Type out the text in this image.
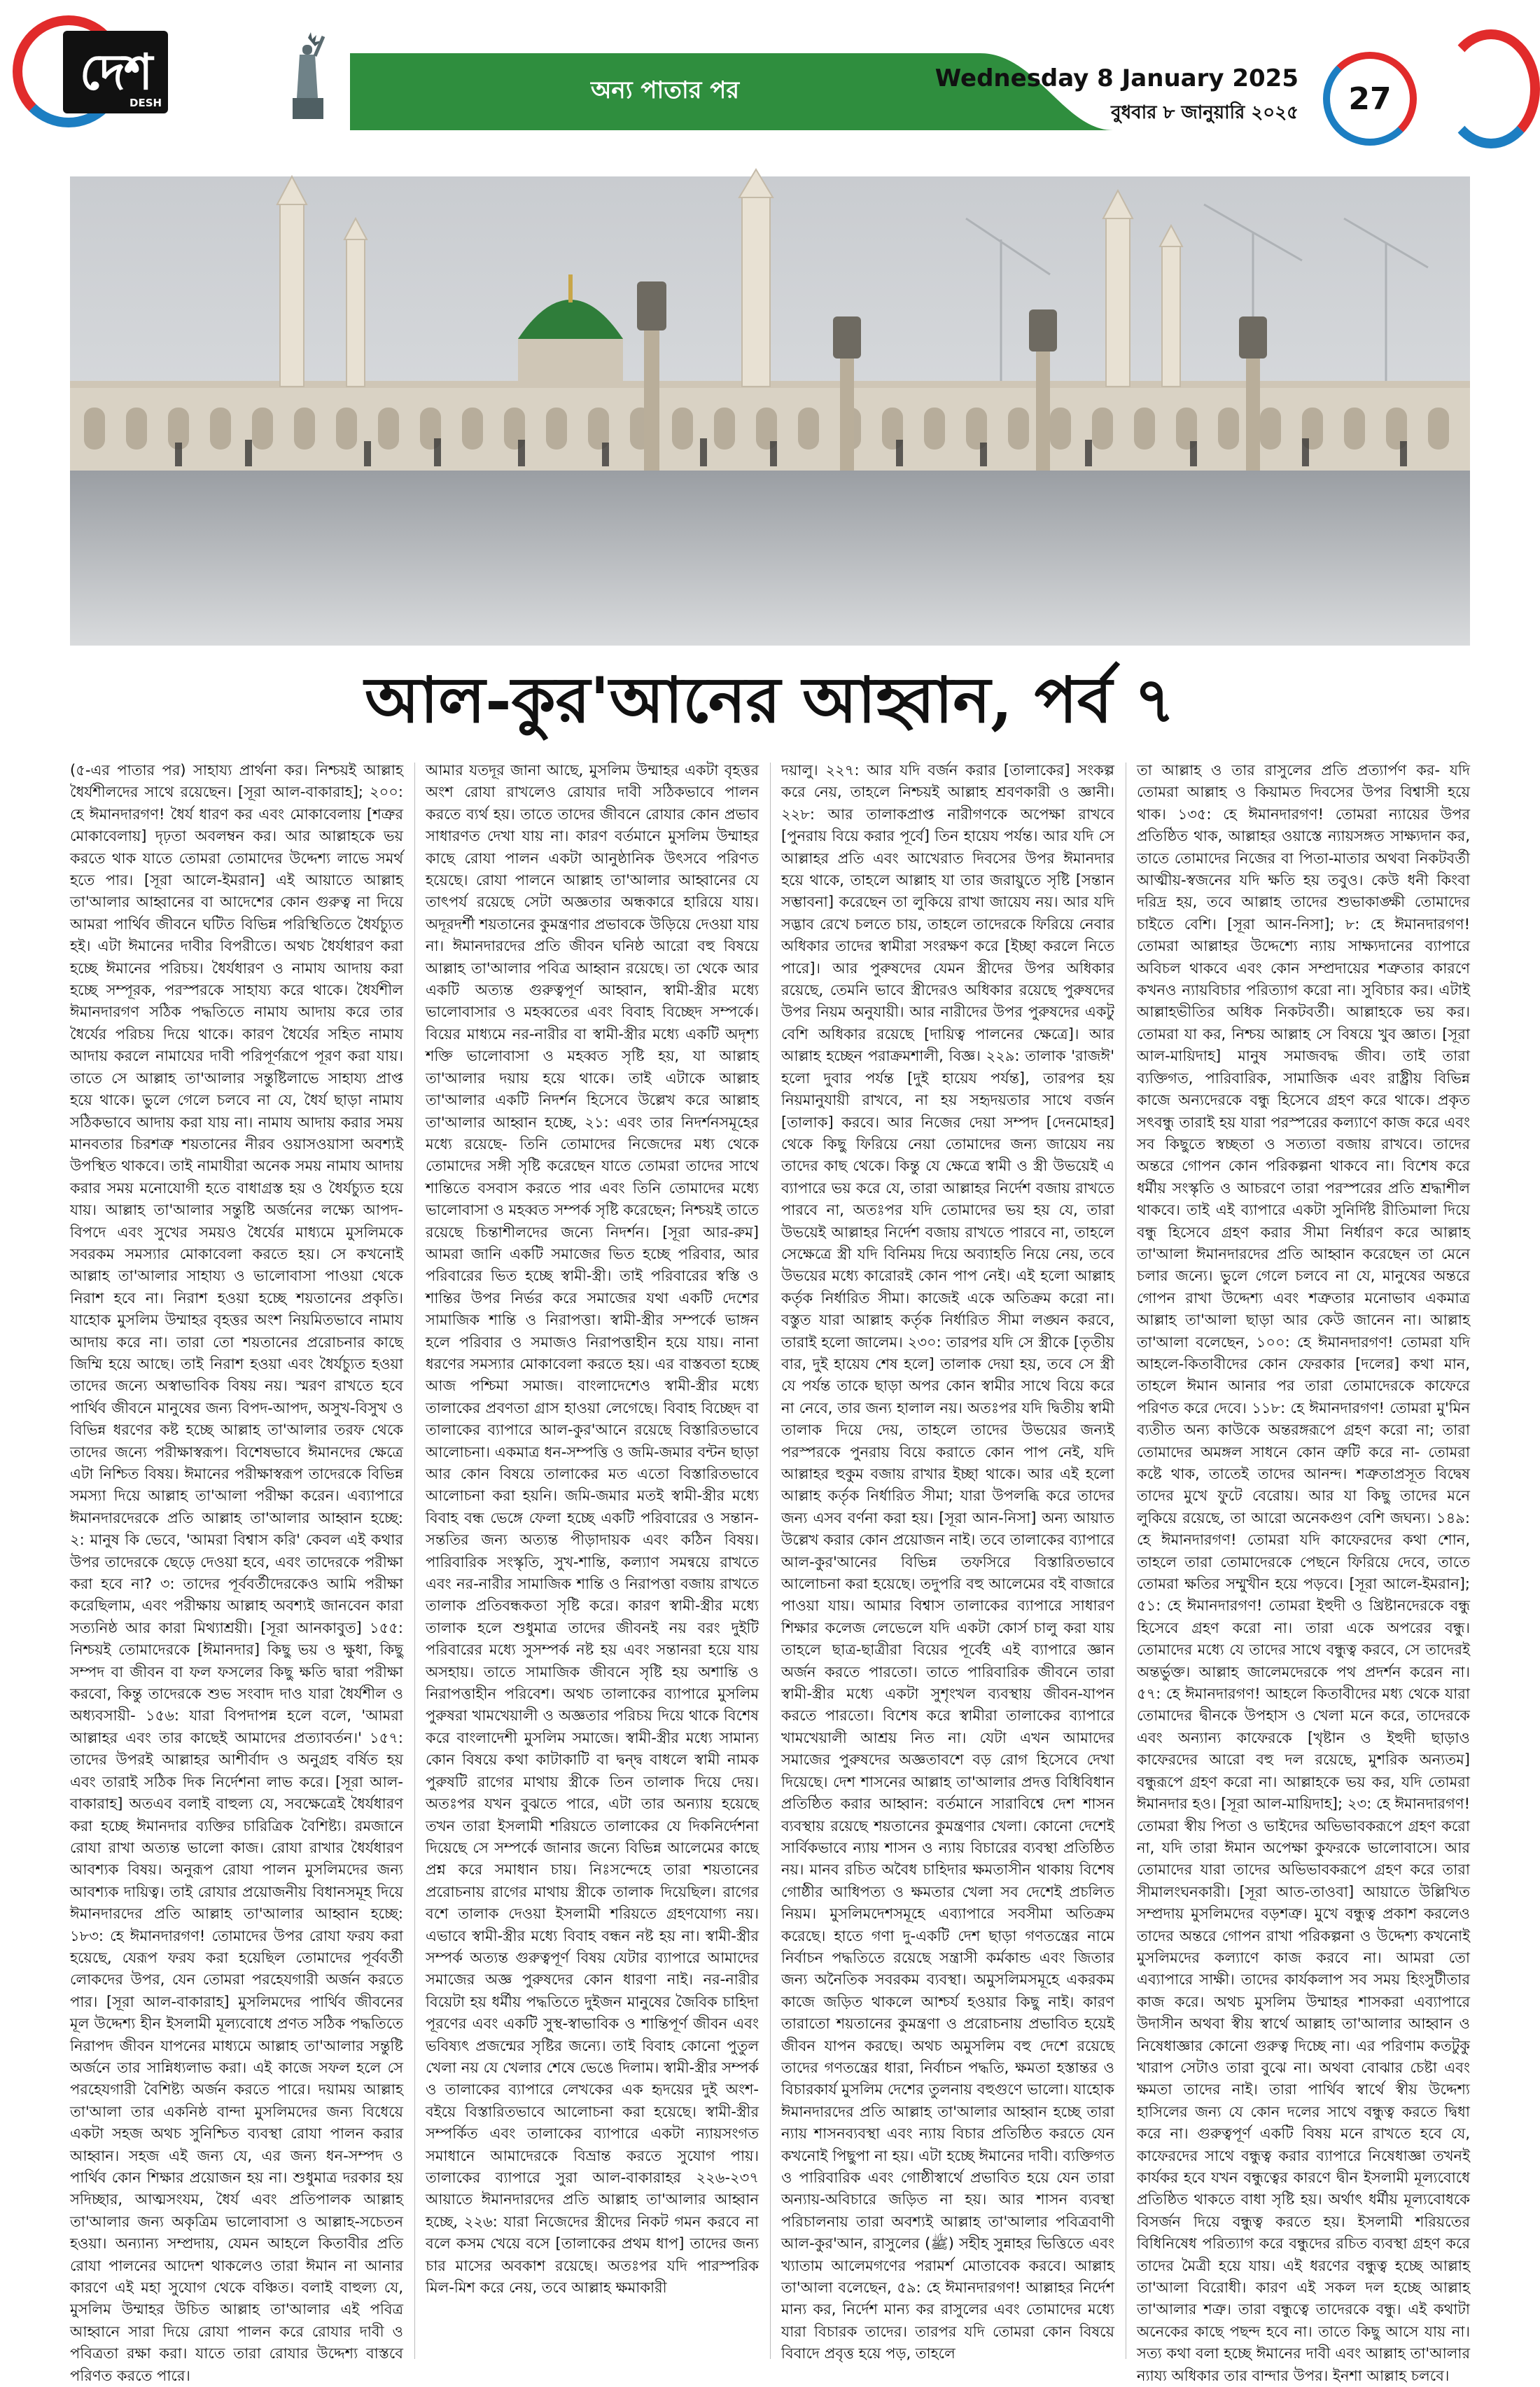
দেশ
DESH	অন্য পাতার পর	Wednesday 8 January 2025
বুধবার ৮ জানুয়ারি ২০২৫ 27
আল-কুর'আনের আহ্বান, পর্ব ৭

(৫-এর পাতার পর) সাহায্য প্রার্থনা কর। নিশ্চয়ই আল্লাহ ধৈর্যশীলদের সাথে রয়েছেন। [সূরা আল-বাকারাহ]; ২০০: হে ঈমানদারগণ! ধৈর্য ধারণ কর এবং মোকাবেলায় [শত্রুর মোকাবেলায়] দৃঢ়তা অবলম্বন কর। আর আল্লাহকে ভয় করতে থাক যাতে তোমরা তোমাদের উদ্দেশ্য লাভে সমর্থ হতে পার। [সূরা আলে-ইমরান] এই আয়াতে আল্লাহ তা'আলার আহ্বানের বা আদেশের কোন গুরুত্ব না দিয়ে আমরা পার্থিব জীবনে ঘটিত বিভিন্ন পরিস্থিতিতে ধৈর্যচ্যুত হই। এটা ঈমানের দাবীর বিপরীতে। অথচ ধৈর্যধারণ করা হচ্ছে ঈমানের পরিচয়। ধৈর্যধারণ ও নামায আদায় করা হচ্ছে সম্পূরক, পরস্পরকে সাহায্য করে থাকে। ধৈর্যশীল ঈমানদারগণ সঠিক পদ্ধতিতে নামায আদায় করে তার ধৈর্যের পরিচয় দিয়ে থাকে। কারণ ধৈর্যের সহিত নামায আদায় করলে নামাযের দাবী পরিপূর্ণরূপে পূরণ করা যায়। তাতে সে আল্লাহ তা'আলার সন্তুষ্টিলাভে সাহায্য প্রাপ্ত হয়ে থাকে। ভুলে গেলে চলবে না যে, ধৈর্য ছাড়া নামায সঠিকভাবে আদায় করা যায় না। নামায আদায় করার সময় মানবতার চিরশত্রু শয়তানের নীরব ওয়াসওয়াসা অবশ্যই উপস্থিত থাকবে। তাই নামাযীরা অনেক সময় নামায আদায় করার সময় মনোযোগী হতে বাধাগ্রস্ত হয় ও ধৈর্যচ্যুত হয়ে যায়। আল্লাহ তা'আলার সন্তুষ্টি অর্জনের লক্ষ্যে আপদ-বিপদে এবং সুখের সময়ও ধৈর্যের মাধ্যমে মুসলিমকে সবরকম সমস্যার মোকাবেলা করতে হয়। সে কখনোই আল্লাহ তা'আলার সাহায্য ও ভালোবাসা পাওয়া থেকে নিরাশ হবে না। নিরাশ হওয়া হচ্ছে শয়তানের প্রকৃতি। যাহোক মুসলিম উম্মাহর বৃহত্তর অংশ নিয়মিতভাবে নামায আদায় করে না। তারা তো শয়তানের প্ররোচনার কাছে জিম্মি হয়ে আছে। তাই নিরাশ হওয়া এবং ধৈর্যচ্যুত হওয়া তাদের জন্যে অস্বাভাবিক বিষয় নয়। স্মরণ রাখতে হবে পার্থিব জীবনে মানুষের জন্য বিপদ-আপদ, অসুখ-বিসুখ ও বিভিন্ন ধরণের কষ্ট হচ্ছে আল্লাহ তা'আলার তরফ থেকে তাদের জন্যে পরীক্ষাস্বরূপ। বিশেষভাবে ঈমানদের ক্ষেত্রে এটা নিশ্চিত বিষয়। ঈমানের পরীক্ষাস্বরূপ তাদেরকে বিভিন্ন সমস্যা দিয়ে আল্লাহ তা'আলা পরীক্ষা করেন। এব্যাপারে ঈমানদারদেরকে প্রতি আল্লাহ তা'আলার আহ্বান হচ্ছে: ২: মানুষ কি ভেবে, 'আমরা বিশ্বাস করি' কেবল এই কথার উপর তাদেরকে ছেড়ে দেওয়া হবে, এবং তাদেরকে পরীক্ষা করা হবে না? ৩: তাদের পূর্ববর্তীদেরকেও আমি পরীক্ষা করেছিলাম, এবং পরীক্ষায় আল্লাহ অবশ্যই জানবেন কারা সত্যনিষ্ঠ আর কারা মিথ্যাশ্রয়ী। [সূরা আনকাবুত] ১৫৫: নিশ্চয়ই তোমাদেরকে [ঈমানদার] কিছু ভয় ও ক্ষুধা, কিছু সম্পদ বা জীবন বা ফল ফসলের কিছু ক্ষতি দ্বারা পরীক্ষা করবো, কিন্তু তাদেরকে শুভ সংবাদ দাও যারা ধৈর্যশীল ও অধ্যবসায়ী- ১৫৬: যারা বিপদাপন্ন হলে বলে, 'আমরা আল্লাহর এবং তার কাছেই আমাদের প্রত্যাবর্তন।' ১৫৭: তাদের উপরই আল্লাহর আশীর্বাদ ও অনুগ্রহ বর্ষিত হয় এবং তারাই সঠিক দিক নির্দেশনা লাভ করে। [সূরা আল-বাকারাহ] অতএব বলাই বাহুল্য যে, সবক্ষেত্রেই ধৈর্যধারণ করা হচ্ছে ঈমানদার ব্যক্তির চারিত্রিক বৈশিষ্ট্য। রমজানে রোযা রাখা অত্যন্ত ভালো কাজ। রোযা রাখার ধৈর্যধারণ আবশ্যক বিষয়। অনুরূপ রোযা পালন মুসলিমদের জন্য আবশ্যক দায়িত্ব। তাই রোযার প্রয়োজনীয় বিধানসমূহ দিয়ে ঈমানদারদের প্রতি আল্লাহ তা'আলার আহ্বান হচ্ছে: ১৮৩: হে ঈমানদারগণ! তোমাদের উপর রোযা ফরয করা হয়েছে, যেরূপ ফরয করা হয়েছিল তোমাদের পূর্ববর্তী লোকদের উপর, যেন তোমরা পরহেযগারী অর্জন করতে পার। [সূরা আল-বাকারাহ] মুসলিমদের পার্থিব জীবনের মূল উদ্দেশ্য হীন ইসলামী মূল্যবোধে প্রণত সঠিক পদ্ধতিতে নিরাপদ জীবন যাপনের মাধ্যমে আল্লাহ তা'আলার সন্তুষ্টি অর্জনে তার সান্নিধ্যলাভ করা। এই কাজে সফল হলে সে পরহেযগারী বৈশিষ্ট্য অর্জন করতে পারে। দয়াময় আল্লাহ তা'আলা তার একনিষ্ঠ বান্দা মুসলিমদের জন্য বিধেয়ে একটা সহজ অথচ সুনিশ্চিত ব্যবস্থা রোযা পালন করার আহ্বান। সহজ এই জন্য যে, এর জন্য ধন-সম্পদ ও পার্থিব কোন শিক্ষার প্রয়োজন হয় না। শুধুমাত্র দরকার হয় সদিচ্ছার, আত্মসংযম, ধৈর্য এবং প্রতিপালক আল্লাহ তা'আলার জন্য অকৃত্রিম ভালোবাসা ও আল্লাহ-সচেতন হওয়া। অন্যান্য সম্প্রদায়, যেমন আহলে কিতাবীর প্রতি রোযা পালনের আদেশ থাকলেও তারা ঈমান না আনার কারণে এই মহা সুযোগ থেকে বঞ্চিত। বলাই বাহুল্য যে, মুসলিম উম্মাহর উচিত আল্লাহ তা'আলার এই পবিত্র আহ্বানে সারা দিয়ে রোযা পালন করে রোযার দাবী ও পবিত্রতা রক্ষা করা। যাতে তারা রোযার উদ্দেশ্য বাস্তবে পরিণত করতে পারে।

আমার যতদূর জানা আছে, মুসলিম উম্মাহর একটা বৃহত্তর অংশ রোযা রাখলেও রোযার দাবী সঠিকভাবে পালন করতে ব্যর্থ হয়। তাতে তাদের জীবনে রোযার কোন প্রভাব সাধারণত দেখা যায় না। কারণ বর্তমানে মুসলিম উম্মাহর কাছে রোযা পালন একটা আনুষ্ঠানিক উৎসবে পরিণত হয়েছে। রোযা পালনে আল্লাহ তা'আলার আহ্বানের যে তাৎপর্য রয়েছে সেটা অজ্ঞতার অন্ধকারে হারিয়ে যায়। অদূরদর্শী শয়তানের কুমন্ত্রণার প্রভাবকে উড়িয়ে দেওয়া যায় না। ঈমানদারদের প্রতি জীবন ঘনিষ্ঠ আরো বহু বিষয়ে আল্লাহ তা'আলার পবিত্র আহ্বান রয়েছে। তা থেকে আর একটি অত্যন্ত গুরুত্বপূর্ণ আহ্বান, স্বামী-স্ত্রীর মধ্যে ভালোবাসার ও মহব্বতের এবং বিবাহ বিচ্ছেদ সম্পর্কে। বিয়ের মাধ্যমে নর-নারীর বা স্বামী-স্ত্রীর মধ্যে একটি অদৃশ্য শক্তি ভালোবাসা ও মহব্বত সৃষ্টি হয়, যা আল্লাহ তা'আলার দয়ায় হয়ে থাকে। তাই এটাকে আল্লাহ তা'আলার একটি নিদর্শন হিসেবে উল্লেখ করে আল্লাহ তা'আলার আহ্বান হচ্ছে, ২১: এবং তার নিদর্শনসমূহের মধ্যে রয়েছে- তিনি তোমাদের নিজেদের মধ্য থেকে তোমাদের সঙ্গী সৃষ্টি করেছেন যাতে তোমরা তাদের সাথে শান্তিতে বসবাস করতে পার এবং তিনি তোমাদের মধ্যে ভালোবাসা ও মহব্বত সম্পর্ক সৃষ্টি করেছেন; নিশ্চয়ই তাতে রয়েছে চিন্তাশীলদের জন্যে নিদর্শন। [সূরা আর-রুম] আমরা জানি একটি সমাজের ভিত হচ্ছে পরিবার, আর পরিবারের ভিত হচ্ছে স্বামী-স্ত্রী। তাই পরিবারের স্বস্তি ও শান্তির উপর নির্ভর করে সমাজের যথা একটি দেশের সামাজিক শান্তি ও নিরাপত্তা। স্বামী-স্ত্রীর সম্পর্কে ভাঙ্গন হলে পরিবার ও সমাজও নিরাপত্তাহীন হয়ে যায়। নানা ধরণের সমস্যার মোকাবেলা করতে হয়। এর বাস্তবতা হচ্ছে আজ পশ্চিমা সমাজ। বাংলাদেশেও স্বামী-স্ত্রীর মধ্যে তালাকের প্রবণতা গ্রাস হাওয়া লেগেছে। বিবাহ বিচ্ছেদ বা তালাকের ব্যাপারে আল-কুর'আনে রয়েছে বিস্তারিতভাবে আলোচনা। একমাত্র ধন-সম্পত্তি ও জমি-জমার বন্টন ছাড়া আর কোন বিষয়ে তালাকের মত এতো বিস্তারিতভাবে আলোচনা করা হয়নি। জমি-জমার মতই স্বামী-স্ত্রীর মধ্যে বিবাহ বন্ধ ভেঙ্গে ফেলা হচ্ছে একটি পরিবারের ও সন্তান-সন্ততির জন্য অত্যন্ত পীড়াদায়ক এবং কঠিন বিষয়। পারিবারিক সংস্কৃতি, সুখ-শান্তি, কল্যাণ সমন্বয়ে রাখতে এবং নর-নারীর সামাজিক শান্তি ও নিরাপত্তা বজায় রাখতে তালাক প্রতিবন্ধকতা সৃষ্টি করে। কারণ স্বামী-স্ত্রীর মধ্যে তালাক হলে শুধুমাত্র তাদের জীবনই নয় বরং দুইটি পরিবারের মধ্যে সুসম্পর্ক নষ্ট হয় এবং সন্তানরা হয়ে যায় অসহায়। তাতে সামাজিক জীবনে সৃষ্টি হয় অশান্তি ও নিরাপত্তাহীন পরিবেশ। অথচ তালাকের ব্যাপারে মুসলিম পুরুষরা খামখেয়ালী ও অজ্ঞতার পরিচয় দিয়ে থাকে বিশেষ করে বাংলাদেশী মুসলিম সমাজে। স্বামী-স্ত্রীর মধ্যে সামান্য কোন বিষয়ে কথা কাটাকাটি বা দ্বন্দ্ব বাধলে স্বামী নামক পুরুষটি রাগের মাথায় স্ত্রীকে তিন তালাক দিয়ে দেয়। অতঃপর যখন বুঝতে পারে, এটা তার অন্যায় হয়েছে তখন তারা ইসলামী শরিয়তে তালাকের যে দিকনির্দেশনা দিয়েছে সে সম্পর্কে জানার জন্যে বিভিন্ন আলেমের কাছে প্রশ্ন করে সমাধান চায়। নিঃসন্দেহে তারা শয়তানের প্ররোচনায় রাগের মাথায় স্ত্রীকে তালাক দিয়েছিল। রাগের বশে তালাক দেওয়া ইসলামী শরিয়তে গ্রহণযোগ্য নয়। এভাবে স্বামী-স্ত্রীর মধ্যে বিবাহ বন্ধন নষ্ট হয় না। স্বামী-স্ত্রীর সম্পর্ক অত্যন্ত গুরুত্বপূর্ণ বিষয় যেটার ব্যাপারে আমাদের সমাজের অজ্ঞ পুরুষদের কোন ধারণা নাই। নর-নারীর বিয়েটা হয় ধর্মীয় পদ্ধতিতে দুইজন মানুষের জৈবিক চাহিদা পূরণের এবং একটি সুস্থ-স্বাভাবিক ও শান্তিপূর্ণ জীবন এবং ভবিষ্যৎ প্রজন্মের সৃষ্টির জন্যে। তাই বিবাহ কোনো পুতুল খেলা নয় যে খেলার শেষে ভেঙে দিলাম। স্বামী-স্ত্রীর সম্পর্ক ও তালাকের ব্যাপারে লেখকের এক হৃদয়ের দুই অংশ- বইয়ে বিস্তারিতভাবে আলোচনা করা হয়েছে। স্বামী-স্ত্রীর সম্পর্কিত এবং তালাকের ব্যাপারে একটা ন্যায়সংগত সমাধানে আমাদেরকে বিভ্রান্ত করতে সুযোগ পায়। তালাকের ব্যাপারে সুরা আল-বাকারাহর ২২৬-২৩৭ আয়াতে ঈমানদারদের প্রতি আল্লাহ তা'আলার আহ্বান হচ্ছে, ২২৬: যারা নিজেদের স্ত্রীদের নিকট গমন করবে না বলে কসম খেয়ে বসে [তালাকের প্রথম ধাপ] তাদের জন্য চার মাসের অবকাশ রয়েছে। অতঃপর যদি পারস্পরিক মিল-মিশ করে নেয়, তবে আল্লাহ ক্ষমাকারী

দয়ালু। ২২৭: আর যদি বর্জন করার [তালাকের] সংকল্প করে নেয়, তাহলে নিশ্চয়ই আল্লাহ শ্রবণকারী ও জ্ঞানী। ২২৮: আর তালাকপ্রাপ্ত নারীগণকে অপেক্ষা রাখবে [পুনরায় বিয়ে করার পূর্বে] তিন হায়েয পর্যন্ত। আর যদি সে আল্লাহর প্রতি এবং আখেরাত দিবসের উপর ঈমানদার হয়ে থাকে, তাহলে আল্লাহ যা তার জরায়ুতে সৃষ্টি [সন্তান সম্ভাবনা] করেছেন তা লুকিয়ে রাখা জায়েয নয়। আর যদি সদ্ভাব রেখে চলতে চায়, তাহলে তাদেরকে ফিরিয়ে নেবার অধিকার তাদের স্বামীরা সংরক্ষণ করে [ইচ্ছা করলে নিতে পারে]। আর পুরুষদের যেমন স্ত্রীদের উপর অধিকার রয়েছে, তেমনি ভাবে স্ত্রীদেরও অধিকার রয়েছে পুরুষদের উপর নিয়ম অনুযায়ী। আর নারীদের উপর পুরুষদের একটু বেশি অধিকার রয়েছে [দায়িত্ব পালনের ক্ষেত্রে]। আর আল্লাহ হচ্ছেন পরাক্রমশালী, বিজ্ঞ। ২২৯: তালাক 'রাজঈ' হলো দুবার পর্যন্ত [দুই হায়েয পর্যন্ত], তারপর হয় নিয়মানুযায়ী রাখবে, না হয় সহৃদয়তার সাথে বর্জন [তালাক] করবে। আর নিজের দেয়া সম্পদ [দেনমোহর] থেকে কিছু ফিরিয়ে নেয়া তোমাদের জন্য জায়েয নয় তাদের কাছ থেকে। কিন্তু যে ক্ষেত্রে স্বামী ও স্ত্রী উভয়েই এ ব্যাপারে ভয় করে যে, তারা আল্লাহর নির্দেশ বজায় রাখতে পারবে না, অতঃপর যদি তোমাদের ভয় হয় যে, তারা উভয়েই আল্লাহর নির্দেশ বজায় রাখতে পারবে না, তাহলে সেক্ষেত্রে স্ত্রী যদি বিনিময় দিয়ে অব্যাহতি নিয়ে নেয়, তবে উভয়ের মধ্যে কারোরই কোন পাপ নেই। এই হলো আল্লাহ কর্তৃক নির্ধারিত সীমা। কাজেই একে অতিক্রম করো না। বস্তুত যারা আল্লাহ কর্তৃক নির্ধারিত সীমা লঙ্ঘন করবে, তারাই হলো জালেম। ২৩০: তারপর যদি সে স্ত্রীকে [তৃতীয় বার, দুই হায়েয শেষ হলে] তালাক দেয়া হয়, তবে সে স্ত্রী যে পর্যন্ত তাকে ছাড়া অপর কোন স্বামীর সাথে বিয়ে করে না নেবে, তার জন্য হালাল নয়। অতঃপর যদি দ্বিতীয় স্বামী তালাক দিয়ে দেয়, তাহলে তাদের উভয়ের জন্যই পরস্পরকে পুনরায় বিয়ে করাতে কোন পাপ নেই, যদি আল্লাহর হুকুম বজায় রাখার ইচ্ছা থাকে। আর এই হলো আল্লাহ কর্তৃক নির্ধারিত সীমা; যারা উপলব্ধি করে তাদের জন্য এসব বর্ণনা করা হয়। [সূরা আন-নিসা] অন্য আয়াত উল্লেখ করার কোন প্রয়োজন নাই। তবে তালাকের ব্যাপারে আল-কুর'আনের বিভিন্ন তফসিরে বিস্তারিতভাবে আলোচনা করা হয়েছে। তদুপরি বহু আলেমের বই বাজারে পাওয়া যায়। আমার বিশ্বাস তালাকের ব্যাপারে সাধারণ শিক্ষার কলেজ লেভেলে যদি একটা কোর্স চালু করা যায় তাহলে ছাত্র-ছাত্রীরা বিয়ের পূর্বেই এই ব্যাপারে জ্ঞান অর্জন করতে পারতো। তাতে পারিবারিক জীবনে তারা স্বামী-স্ত্রীর মধ্যে একটা সুশৃংখল ব্যবস্থায় জীবন-যাপন করতে পারতো। বিশেষ করে স্বামীরা তালাকের ব্যাপারে খামখেয়ালী আশ্রয় নিত না। যেটা এখন আমাদের সমাজের পুরুষদের অজ্ঞতাবশে বড় রোগ হিসেবে দেখা দিয়েছে। দেশ শাসনের আল্লাহ তা'আলার প্রদত্ত বিধিবিধান প্রতিষ্ঠিত করার আহ্বান: বর্তমানে সারাবিশ্বে দেশ শাসন ব্যবস্থায় রয়েছে শয়তানের কুমন্ত্রণার খেলা। কোনো দেশেই সার্বিকভাবে ন্যায় শাসন ও ন্যায় বিচারের ব্যবস্থা প্রতিষ্ঠিত নয়। মানব রচিত অবৈধ চাহিদার ক্ষমতাসীন থাকায় বিশেষ গোষ্ঠীর আধিপত্য ও ক্ষমতার খেলা সব দেশেই প্রচলিত নিয়ম। মুসলিমদেশসমূহে এব্যাপারে সবসীমা অতিক্রম করেছে। হাতে গণা দু-একটি দেশ ছাড়া গণতন্ত্রের নামে নির্বাচন পদ্ধতিতে রয়েছে সন্ত্রাসী কর্মকান্ড এবং জিতার জন্য অনৈতিক সবরকম ব্যবস্থা। অমুসলিমসমূহে একরকম কাজে জড়িত থাকলে আশ্চর্য হওয়ার কিছু নাই। কারণ তারাতো শয়তানের কুমন্ত্রণা ও প্ররোচনায় প্রভাবিত হয়েই জীবন যাপন করছে। অথচ অমুসলিম বহু দেশে রয়েছে তাদের গণতন্ত্রের ধারা, নির্বাচন পদ্ধতি, ক্ষমতা হস্তান্তর ও বিচারকার্য মুসলিম দেশের তুলনায় বহুগুণে ভালো। যাহোক ঈমানদারদের প্রতি আল্লাহ তা'আলার আহ্বান হচ্ছে তারা ন্যায় শাসনব্যবস্থা এবং ন্যায় বিচার প্রতিষ্ঠিত করতে যেন কখনোই পিছুপা না হয়। এটা হচ্ছে ঈমানের দাবী। ব্যক্তিগত ও পারিবারিক এবং গোষ্ঠীস্বার্থে প্রভাবিত হয়ে যেন তারা অন্যায়-অবিচারে জড়িত না হয়। আর শাসন ব্যবস্থা পরিচালনায় তারা অবশ্যই আল্লাহ তা'আলার পবিত্রবাণী আল-কুর'আন, রাসুলের (ﷺ) সহীহ সুন্নাহর ভিত্তিতে এবং খ্যাতাম আলেমগণের পরামর্শ মোতাবেক করবে। আল্লাহ তা'আলা বলেছেন, ৫৯: হে ঈমানদারগণ! আল্লাহর নির্দেশ মান্য কর, নির্দেশ মান্য কর রাসুলের এবং তোমাদের মধ্যে যারা বিচারক তাদের। তারপর যদি তোমরা কোন বিষয়ে বিবাদে প্রবৃত্ত হয়ে পড়, তাহলে

তা আল্লাহ ও তার রাসুলের প্রতি প্রত্যার্পণ কর- যদি তোমরা আল্লাহ ও কিয়ামত দিবসের উপর বিশ্বাসী হয়ে থাক। ১৩৫: হে ঈমানদারগণ! তোমরা ন্যায়ের উপর প্রতিষ্ঠিত থাক, আল্লাহর ওয়াস্তে ন্যায়সঙ্গত সাক্ষ্যদান কর, তাতে তোমাদের নিজের বা পিতা-মাতার অথবা নিকটবর্তী আত্মীয়-স্বজনের যদি ক্ষতি হয় তবুও। কেউ ধনী কিংবা দরিদ্র হয়, তবে আল্লাহ তাদের শুভাকাঙ্ক্ষী তোমাদের চাইতে বেশি। [সূরা আন-নিসা]; ৮: হে ঈমানদারগণ! তোমরা আল্লাহর উদ্দেশ্যে ন্যায় সাক্ষ্যদানের ব্যাপারে অবিচল থাকবে এবং কোন সম্প্রদায়ের শত্রুতার কারণে কখনও ন্যায়বিচার পরিত্যাগ করো না। সুবিচার কর। এটাই আল্লাহভীতির অধিক নিকটবর্তী। আল্লাহকে ভয় কর। তোমরা যা কর, নিশ্চয় আল্লাহ সে বিষয়ে খুব জ্ঞাত। [সূরা আল-মায়িদাহ] মানুষ সমাজবদ্ধ জীব। তাই তারা ব্যক্তিগত, পারিবারিক, সামাজিক এবং রাষ্ট্রীয় বিভিন্ন কাজে অন্যদেরকে বন্ধু হিসেবে গ্রহণ করে থাকে। প্রকৃত সৎবন্ধু তারাই হয় যারা পরস্পরের কল্যাণে কাজ করে এবং সব কিছুতে স্বচ্ছতা ও সত্যতা বজায় রাখবে। তাদের অন্তরে গোপন কোন পরিকল্পনা থাকবে না। বিশেষ করে ধর্মীয় সংস্কৃতি ও আচরণে তারা পরস্পরের প্রতি শ্রদ্ধাশীল থাকবে। তাই এই ব্যাপারে একটা সুনির্দিষ্ট রীতিমালা দিয়ে বন্ধু হিসেবে গ্রহণ করার সীমা নির্ধারণ করে আল্লাহ তা'আলা ঈমানদারদের প্রতি আহ্বান করেছেন তা মেনে চলার জন্যে। ভুলে গেলে চলবে না যে, মানুষের অন্তরে গোপন রাখা উদ্দেশ্য এবং শত্রুতার মনোভাব একমাত্র আল্লাহ তা'আলা ছাড়া আর কেউ জানেন না। আল্লাহ তা'আলা বলেছেন, ১০০: হে ঈমানদারগণ! তোমরা যদি আহলে-কিতাবীদের কোন ফেরকার [দলের] কথা মান, তাহলে ঈমান আনার পর তারা তোমাদেরকে কাফেরে পরিণত করে দেবে। ১১৮: হে ঈমানদারগণ! তোমরা মু'মিন ব্যতীত অন্য কাউকে অন্তরঙ্গরূপে গ্রহণ করো না; তারা তোমাদের অমঙ্গল সাধনে কোন ত্রুটি করে না- তোমরা কষ্টে থাক, তাতেই তাদের আনন্দ। শত্রুতাপ্রসূত বিদ্বেষ তাদের মুখে ফুটে বেরোয়। আর যা কিছু তাদের মনে লুকিয়ে রয়েছে, তা আরো অনেকগুণ বেশি জঘন্য। ১৪৯: হে ঈমানদারগণ! তোমরা যদি কাফেরদের কথা শোন, তাহলে তারা তোমাদেরকে পেছনে ফিরিয়ে দেবে, তাতে তোমরা ক্ষতির সম্মুখীন হয়ে পড়বে। [সূরা আলে-ইমরান]; ৫১: হে ঈমানদারগণ! তোমরা ইহুদী ও খ্রিষ্টানদেরকে বন্ধু হিসেবে গ্রহণ করো না। তারা একে অপরের বন্ধু। তোমাদের মধ্যে যে তাদের সাথে বন্ধুত্ব করবে, সে তাদেরই অন্তর্ভুক্ত। আল্লাহ জালেমদেরকে পথ প্রদর্শন করেন না। ৫৭: হে ঈমানদারগণ! আহলে কিতাবীদের মধ্য থেকে যারা তোমাদের দ্বীনকে উপহাস ও খেলা মনে করে, তাদেরকে এবং অন্যান্য কাফেরকে [খৃষ্টান ও ইহুদী ছাড়াও কাফেরদের আরো বহু দল রয়েছে, মুশরিক অন্যতম] বন্ধুরূপে গ্রহণ করো না। আল্লাহকে ভয় কর, যদি তোমরা ঈমানদার হও। [সূরা আল-মায়িদাহ]; ২৩: হে ঈমানদারগণ! তোমরা স্বীয় পিতা ও ভাইদের অভিভাবকরূপে গ্রহণ করো না, যদি তারা ঈমান অপেক্ষা কুফরকে ভালোবাসে। আর তোমাদের যারা তাদের অভিভাবকরূপে গ্রহণ করে তারা সীমালংঘনকারী। [সূরা আত-তাওবা] আয়াতে উল্লিখিত সম্প্রদায় মুসলিমদের বড়শত্রু। মুখে বন্ধুত্ব প্রকাশ করলেও তাদের অন্তরে গোপন রাখা পরিকল্পনা ও উদ্দেশ্য কখনোই মুসলিমদের কল্যাণে কাজ করবে না। আমরা তো এব্যাপারে সাক্ষী। তাদের কার্যকলাপ সব সময় হিংসুটীতার কাজ করে। অথচ মুসলিম উম্মাহর শাসকরা এব্যাপারে উদাসীন অথবা স্বীয় স্বার্থে আল্লাহ তা'আলার আহ্বান ও নিষেধাজ্ঞার কোনো গুরুত্ব দিচ্ছে না। এর পরিণাম কতটুকু খারাপ সেটাও তারা বুঝে না। অথবা বোঝার চেষ্টা এবং ক্ষমতা তাদের নাই। তারা পার্থিব স্বার্থে স্বীয় উদ্দেশ্য হাসিলের জন্য যে কোন দলের সাথে বন্ধুত্ব করতে দ্বিধা করে না। গুরুত্বপূর্ণ একটি বিষয় মনে রাখতে হবে যে, কাফেরদের সাথে বন্ধুত্ব করার ব্যাপারে নিষেধাজ্ঞা তখনই কার্যকর হবে যখন বন্ধুত্বের কারণে দ্বীন ইসলামী মূল্যবোধে প্রতিষ্ঠিত থাকতে বাধা সৃষ্টি হয়। অর্থাৎ ধর্মীয় মূল্যবোধকে বিসর্জন দিয়ে বন্ধুত্ব করতে হয়। ইসলামী শরিয়তের বিধিনিষেধ পরিত্যাগ করে বন্ধুদের রচিত ব্যবস্থা গ্রহণ করে তাদের মৈত্রী হয়ে যায়। এই ধরণের বন্ধুত্ব হচ্ছে আল্লাহ তা'আলা বিরোধী। কারণ এই সকল দল হচ্ছে আল্লাহ তা'আলার শত্রু। তারা বন্ধুত্বে তাদেরকে বন্ধু। এই কথাটা অনেকের কাছে পছন্দ হবে না। তাতে কিছু আসে যায় না। সত্য কথা বলা হচ্ছে ঈমানের দাবী এবং আল্লাহ তা'আলার ন্যায্য অধিকার তার বান্দার উপর। ইনশা আল্লাহ চলবে।
